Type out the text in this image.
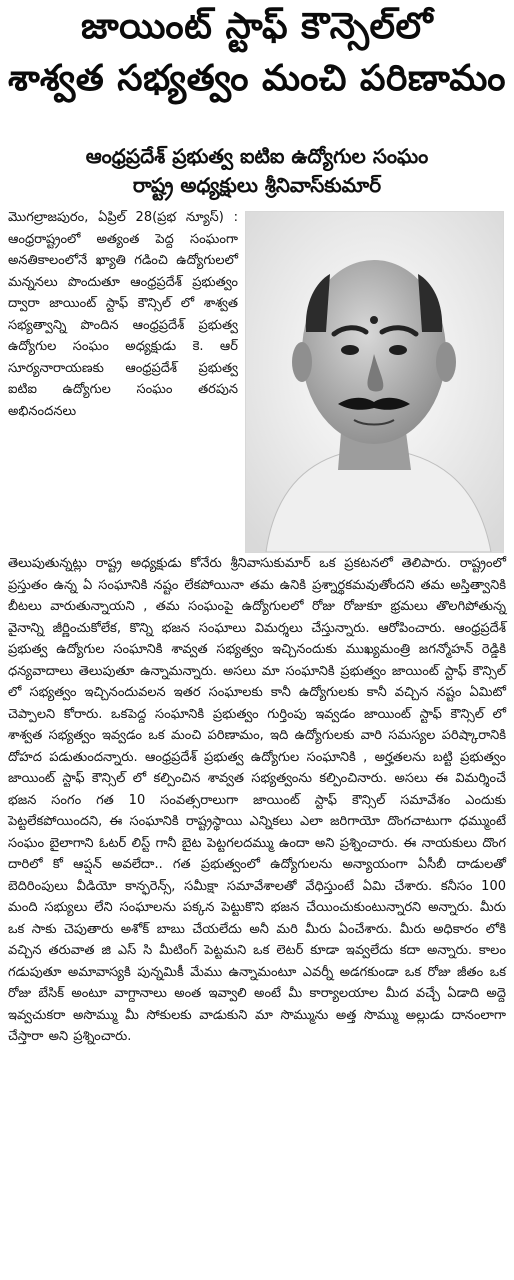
జాయింట్ స్టాఫ్ కౌన్సెల్‌లో
శాశ్వత సభ్యత్వం మంచి పరిణామం
ఆంధ్రప్రదేశ్ ప్రభుత్వ ఐటిఐ ఉద్యోగుల సంఘం
రాష్ట్ర అధ్యక్షులు శ్రీనివాస్‌కుమార్
మొగల్రాజపురం, ఏప్రిల్ 28(ప్రభ న్యూస్) : ఆంధ్రరాష్ట్రంలో అత్యంత పెద్ద సంఘంగా అనతికాలంలోనే ఖ్యాతి గడించి ఉద్యోగులలో మన్ననలు పొందుతూ ఆంధ్రప్రదేశ్ ప్రభుత్వం ద్వారా జాయింట్ స్టాఫ్ కౌన్సిల్ లో శాశ్వత సభ్యత్వాన్ని పొందిన ఆంధ్రప్రదేశ్ ప్రభుత్వ ఉద్యోగుల సంఘం అధ్యక్షుడు కె. ఆర్ సూర్యనారాయణకు ఆంధ్రప్రదేశ్ ప్రభుత్వ ఐటిఐ ఉద్యోగుల సంఘం తరపున అభినందనలు
తెలుపుతున్నట్లు రాష్ట్ర అధ్యక్షుడు కోనేరు శ్రీనివాసుకుమార్ ఒక ప్రకటనలో తెలిపారు. రాష్ట్రంలో ప్రస్తుతం ఉన్న ఏ సంఘానికి నష్టం లేకపోయినా తమ ఉనికి ప్రశ్నార్థకమవుతోందని తమ అస్తిత్వానికి బీటలు వారుతున్నాయని , తమ సంఘంపై ఉద్యోగులలో రోజు రోజుకూ భ్రమలు తొలగిపోతున్న వైనాన్ని జీర్ణించుకోలేక, కొన్ని భజన సంఘాలు విమర్శలు చేస్తున్నారు. ఆరోపించారు. ఆంధ్రప్రదేశ్ ప్రభుత్వ ఉద్యోగుల సంఘానికి శావ్వత సభ్యత్వం ఇచ్చినందుకు ముఖ్యమంత్రి జగన్మోహన్ రెడ్డికి ధన్యవాదాలు తెలుపుతూ ఉన్నామన్నారు. అసలు మా సంఘానికి ప్రభుత్వం జాయింట్ స్టాఫ్ కౌన్సిల్ లో సభ్యత్వం ఇచ్చినందువలన ఇతర సంఘాలకు కానీ ఉద్యోగులకు కానీ వచ్చిన నష్టం ఏమిటో చెప్పాలని కోరారు. ఒకపెద్ద సంఘానికి ప్రభుత్వం గుర్తింపు ఇవ్వడం జాయింట్ స్టాఫ్ కౌన్సిల్ లో శాశ్వత సభ్యత్వం ఇవ్వడం ఒక మంచి పరిణామం, ఇది ఉద్యోగులకు వారి సమస్యల పరిష్కారానికి దోహద పడుతుందన్నారు. ఆంధ్రప్రదేశ్ ప్రభుత్వ ఉద్యోగుల సంఘానికి , అర్హతలను బట్టి ప్రభుత్వం జాయింట్ స్టాఫ్ కౌన్సిల్ లో కల్పించిన శావ్వత సభ్యత్వంను కల్పించినారు. అసలు ఈ విమర్శించే భజన సంగం గత 10 సంవత్సరాలుగా జాయింట్ స్టాఫ్ కౌన్సిల్ సమావేశం ఎందుకు పెట్టలేకపోయిందని, ఈ సంఘానికి రాష్ట్రస్థాయి ఎన్నికలు ఎలా జరిగాయో దొంగచాటుగా ధమ్ముంటే సంఘం బైలాగాని ఓటర్ లిస్ట్ గానీ బైట పెట్టగలదమ్ము ఉందా అని ప్రశ్నించారు. ఈ నాయకులు దొంగ దారిలో కో ఆప్షన్ అవలేదా.. గత ప్రభుత్వంలో ఉద్యోగులను అన్యాయంగా ఏసీబీ దాడులతో బెదిరింపులు వీడియో కాన్ఫరెన్స్, సమీక్షా సమావేశాలతో వేధిస్తుంటే ఏమి చేశారు. కనీసం 100 మంది సభ్యులు లేని సంఘాలను పక్కన పెట్టుకొని భజన చేయించుకుంటున్నారని అన్నారు. మీరు ఒక సాకు చెపుతారు అశోక్ బాబు చేయలేదు అనీ మరి మీరు ఏంచేశారు. మీరు అధికారం లోకి వచ్చిన తరువాత జి ఎస్ సి మీటింగ్ పెట్టమని ఒక లెటర్ కూడా ఇవ్వలేదు కదా అన్నారు. కాలం గడుపుతూ అమావాస్యకి పున్నమికీ మేము ఉన్నామంటూ ఎవర్నీ అడగకుండా ఒక రోజు జీతం ఒక రోజు బేసిక్ అంటూ వాగ్దానాలు అంత ఇవ్వాలి అంటే మీ కార్యాలయాల మీద వచ్చే ఏడాది అద్దె ఇవ్వచుకరా అసొమ్ము మీ సోకులకు వాడుకుని మా సొమ్మును అత్త సొమ్ము అల్లుడు దానంలాగా చేస్తారా అని ప్రశ్నించారు.
